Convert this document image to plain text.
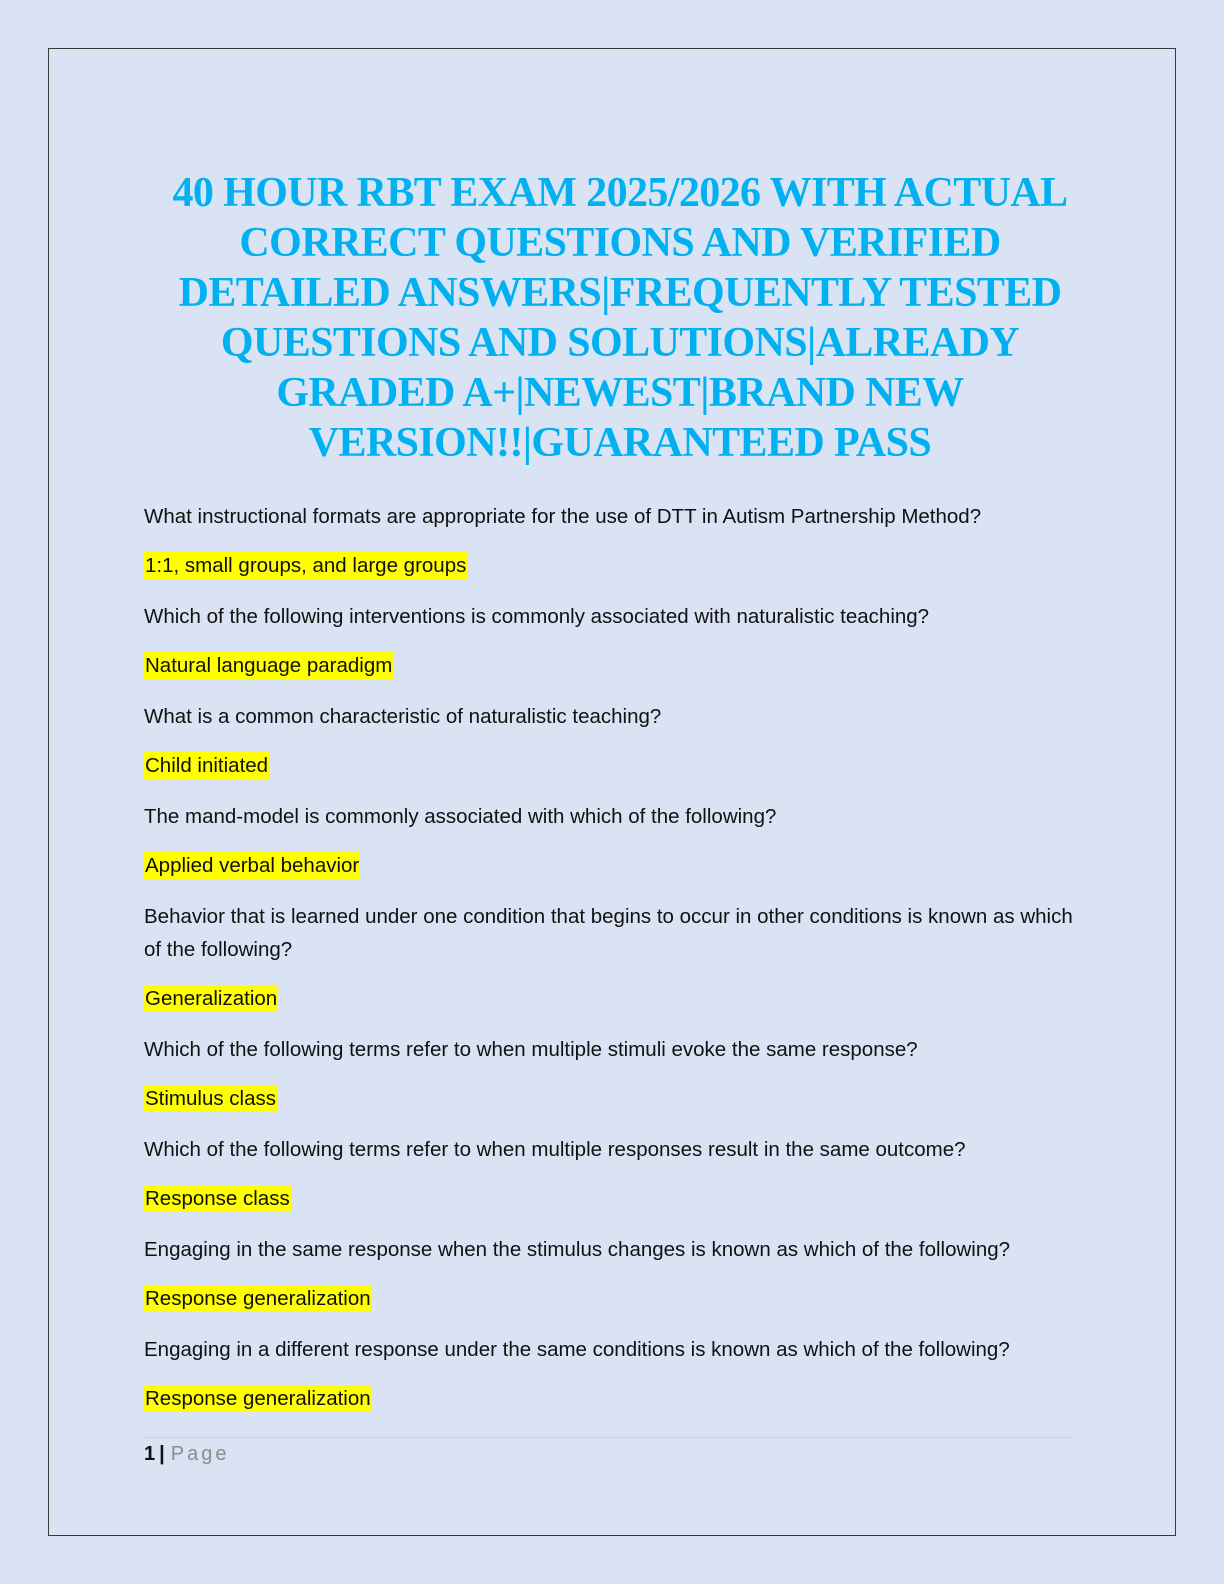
40 HOUR RBT EXAM 2025/2026 WITH ACTUAL CORRECT QUESTIONS AND VERIFIED DETAILED ANSWERS|FREQUENTLY TESTED QUESTIONS AND SOLUTIONS|ALREADY GRADED A+|NEWEST|BRAND NEW VERSION!!|GUARANTEED PASS
What instructional formats are appropriate for the use of DTT in Autism Partnership Method?
1:1, small groups, and large groups
Which of the following interventions is commonly associated with naturalistic teaching?
Natural language paradigm
What is a common characteristic of naturalistic teaching?
Child initiated
The mand-model is commonly associated with which of the following?
Applied verbal behavior
Behavior that is learned under one condition that begins to occur in other conditions is known as which of the following?
Generalization
Which of the following terms refer to when multiple stimuli evoke the same response?
Stimulus class
Which of the following terms refer to when multiple responses result in the same outcome?
Response class
Engaging in the same response when the stimulus changes is known as which of the following?
Response generalization
Engaging in a different response under the same conditions is known as which of the following?
Response generalization
1 | Page
